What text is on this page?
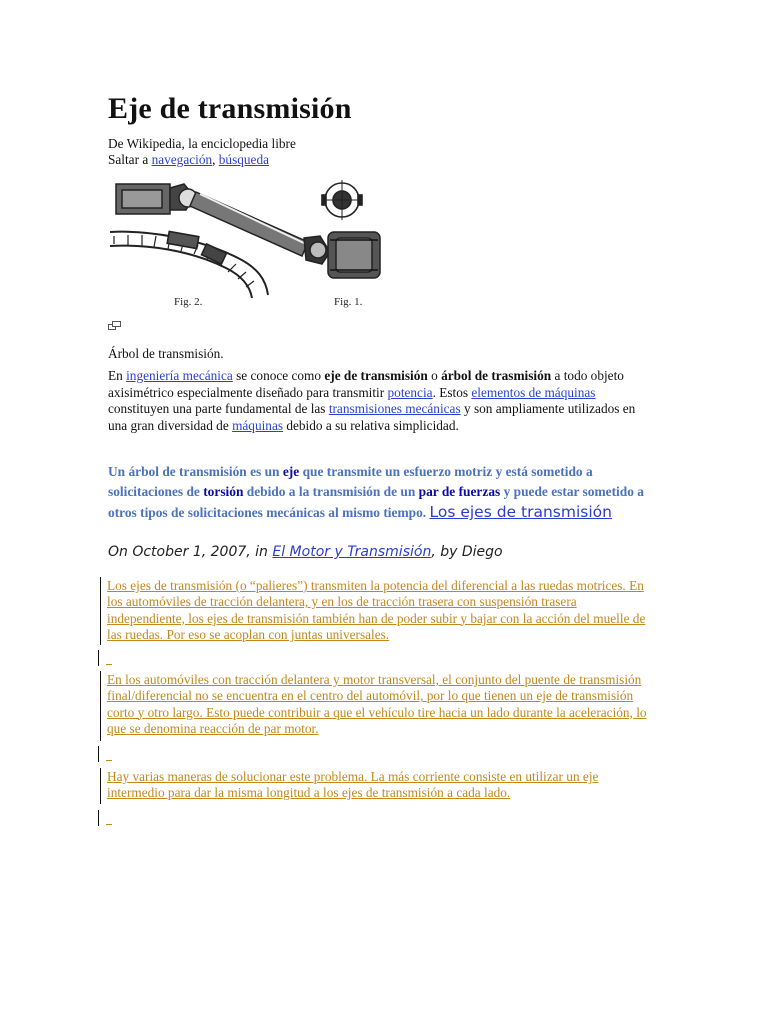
Eje de transmisión
De Wikipedia, la enciclopedia libre
Saltar a navegación, búsqueda
Fig. 2.	Fig. 1.
Árbol de transmisión.
En ingeniería mecánica se conoce como eje de transmisión o árbol de trasmisión a todo objeto axisimétrico especialmente diseñado para transmitir potencia. Estos elementos de máquinas constituyen una parte fundamental de las transmisiones mecánicas y son ampliamente utilizados en una gran diversidad de máquinas debido a su relativa simplicidad.
Un árbol de transmisión es un eje que transmite un esfuerzo motriz y está sometido a solicitaciones de torsión debido a la transmisión de un par de fuerzas y puede estar sometido a otros tipos de solicitaciones mecánicas al mismo tiempo. Los ejes de transmisión
On October 1, 2007, in El Motor y Transmisión, by Diego
Los ejes de transmisión (o “palieres”) transmiten la potencia del diferencial a las ruedas motrices. En los automóviles de tracción delantera, y en los de tracción trasera con suspensión trasera independiente, los ejes de transmisión también han de poder subir y bajar con la acción del muelle de las ruedas. Por eso se acoplan con juntas universales.
En los automóviles con tracción delantera y motor transversal, el conjunto del puente de transmisión final/diferencial no se encuentra en el centro del automóvil, por lo que tienen un eje de transmisión corto y otro largo. Esto puede contribuir a que el vehículo tire hacia un lado durante la aceleración, lo que se denomina reacción de par motor.
Hay varias maneras de solucionar este problema. La más corriente consiste en utilizar un eje intermedio para dar la misma longitud a los ejes de transmisión a cada lado.
